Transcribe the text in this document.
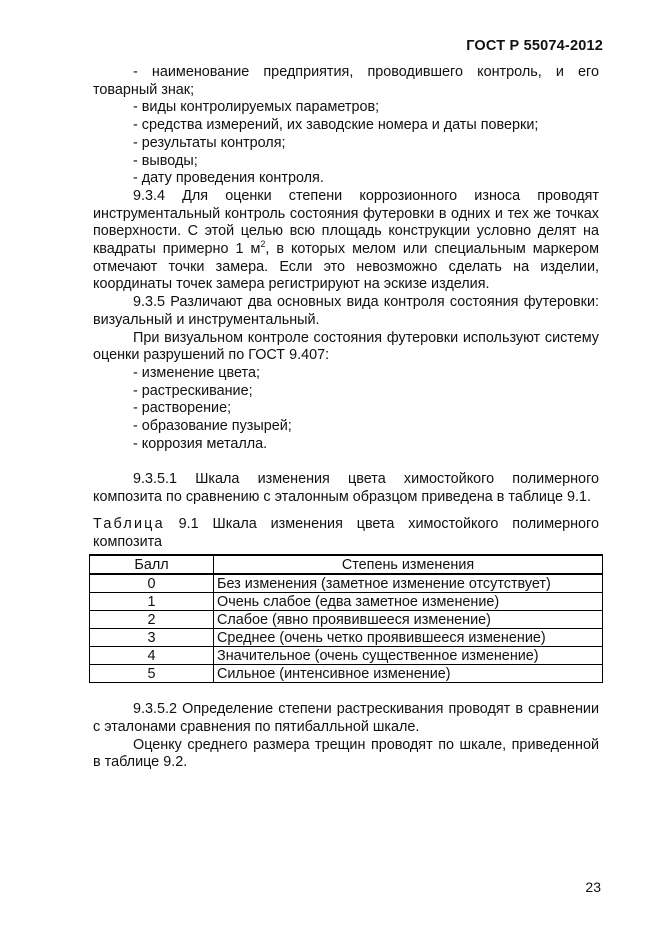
ГОСТ Р 55074-2012

- наименование предприятия, проводившего контроль, и его товарный знак;

- виды контролируемых параметров;

- средства измерений, их заводские номера и даты поверки;

- результаты контроля;

- выводы;

- дату проведения контроля.

9.3.4 Для оценки степени коррозионного износа проводят инструментальный контроль состояния футеровки в одних и тех же точках поверхности. С этой целью всю площадь конструкции условно делят на квадраты примерно 1 $м^2$, в которых мелом или специальным маркером отмечают точки замера. Если это невозможно сделать на изделии, координаты точек замера регистрируют на эскизе изделия.

9.3.5 Различают два основных вида контроля состояния футеровки: визуальный и инструментальный.

При визуальном контроле состояния футеровки используют систему оценки разрушений по ГОСТ 9.407:

- изменение цвета;

- растрескивание;

- растворение;

- образование пузырей;

- коррозия металла.

9.3.5.1 Шкала изменения цвета химостойкого полимерного композита по сравнению с эталонным образцом приведена в таблице 9.1.

Таблица 9.1 Шкала изменения цвета химостойкого полимерного композита

Балл	Степень изменения
0	Без изменения (заметное изменение отсутствует)
1	Очень слабое (едва заметное изменение)
2	Слабое (явно проявившееся изменение)
3	Среднее (очень четко проявившееся изменение)
4	Значительное (очень существенное изменение)
5	Сильное (интенсивное изменение)

9.3.5.2 Определение степени растрескивания проводят в сравнении с эталонами сравнения по пятибалльной шкале.

Оценку среднего размера трещин проводят по шкале, приведенной в таблице 9.2.

23
